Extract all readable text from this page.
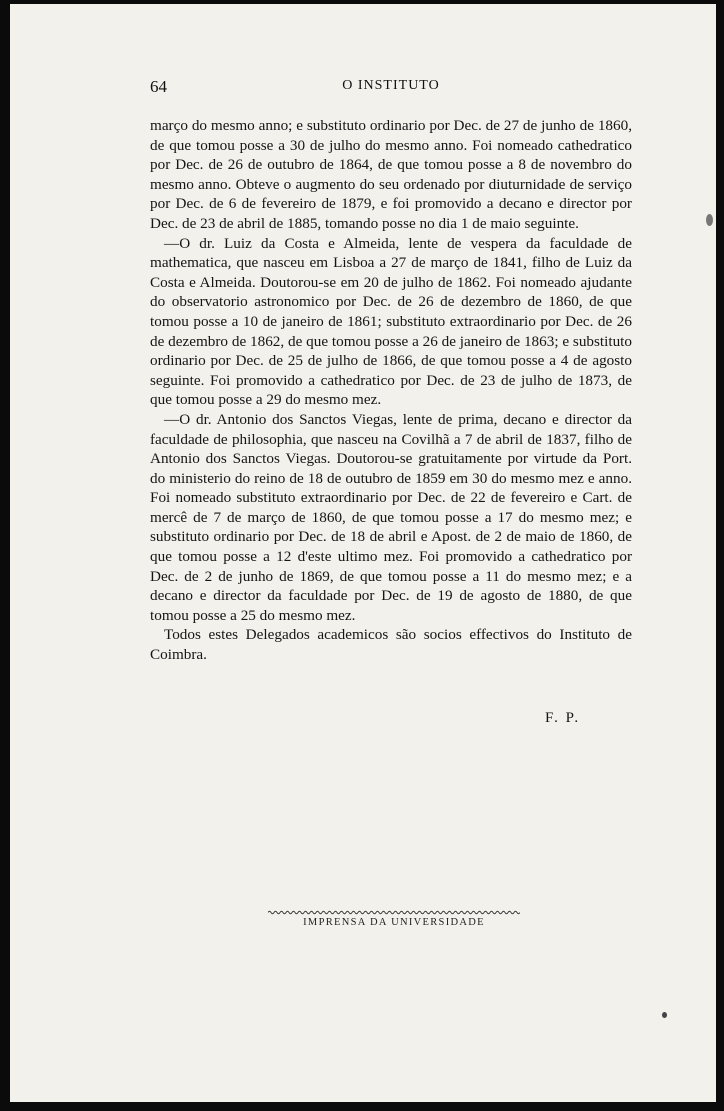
64	O INSTITUTO

março do mesmo anno; e substituto ordinario por Dec. de 27 de junho de 1860, de que tomou posse a 30 de julho do mesmo anno. Foi nomeado cathedratico por Dec. de 26 de outubro de 1864, de que tomou posse a 8 de novembro do mesmo anno. Obteve o augmento do seu ordenado por diuturnidade de serviço por Dec. de 6 de fevereiro de 1879, e foi promovido a decano e director por Dec. de 23 de abril de 1885, tomando posse no dia 1 de maio seguinte.

—O dr. Luiz da Costa e Almeida, lente de vespera da faculdade de mathematica, que nasceu em Lisboa a 27 de março de 1841, filho de Luiz da Costa e Almeida. Doutorou-se em 20 de julho de 1862. Foi nomeado ajudante do observatorio astronomico por Dec. de 26 de dezembro de 1860, de que tomou posse a 10 de janeiro de 1861; substituto extraordinario por Dec. de 26 de dezembro de 1862, de que tomou posse a 26 de janeiro de 1863; e substituto ordinario por Dec. de 25 de julho de 1866, de que tomou posse a 4 de agosto seguinte. Foi promovido a cathedratico por Dec. de 23 de julho de 1873, de que tomou posse a 29 do mesmo mez.

—O dr. Antonio dos Sanctos Viegas, lente de prima, decano e director da faculdade de philosophia, que nasceu na Covilhã a 7 de abril de 1837, filho de Antonio dos Sanctos Viegas. Doutorou-se gratuitamente por virtude da Port. do ministerio do reino de 18 de outubro de 1859 em 30 do mesmo mez e anno. Foi nomeado substituto extraordinario por Dec. de 22 de fevereiro e Cart. de mercê de 7 de março de 1860, de que tomou posse a 17 do mesmo mez; e substituto ordinario por Dec. de 18 de abril e Apost. de 2 de maio de 1860, de que tomou posse a 12 d'este ultimo mez. Foi promovido a cathedratico por Dec. de 2 de junho de 1869, de que tomou posse a 11 do mesmo mez; e a decano e director da faculdade por Dec. de 19 de agosto de 1880, de que tomou posse a 25 do mesmo mez.

Todos estes Delegados academicos são socios effectivos do Instituto de Coimbra.

F. P.
IMPRENSA DA UNIVERSIDADE
